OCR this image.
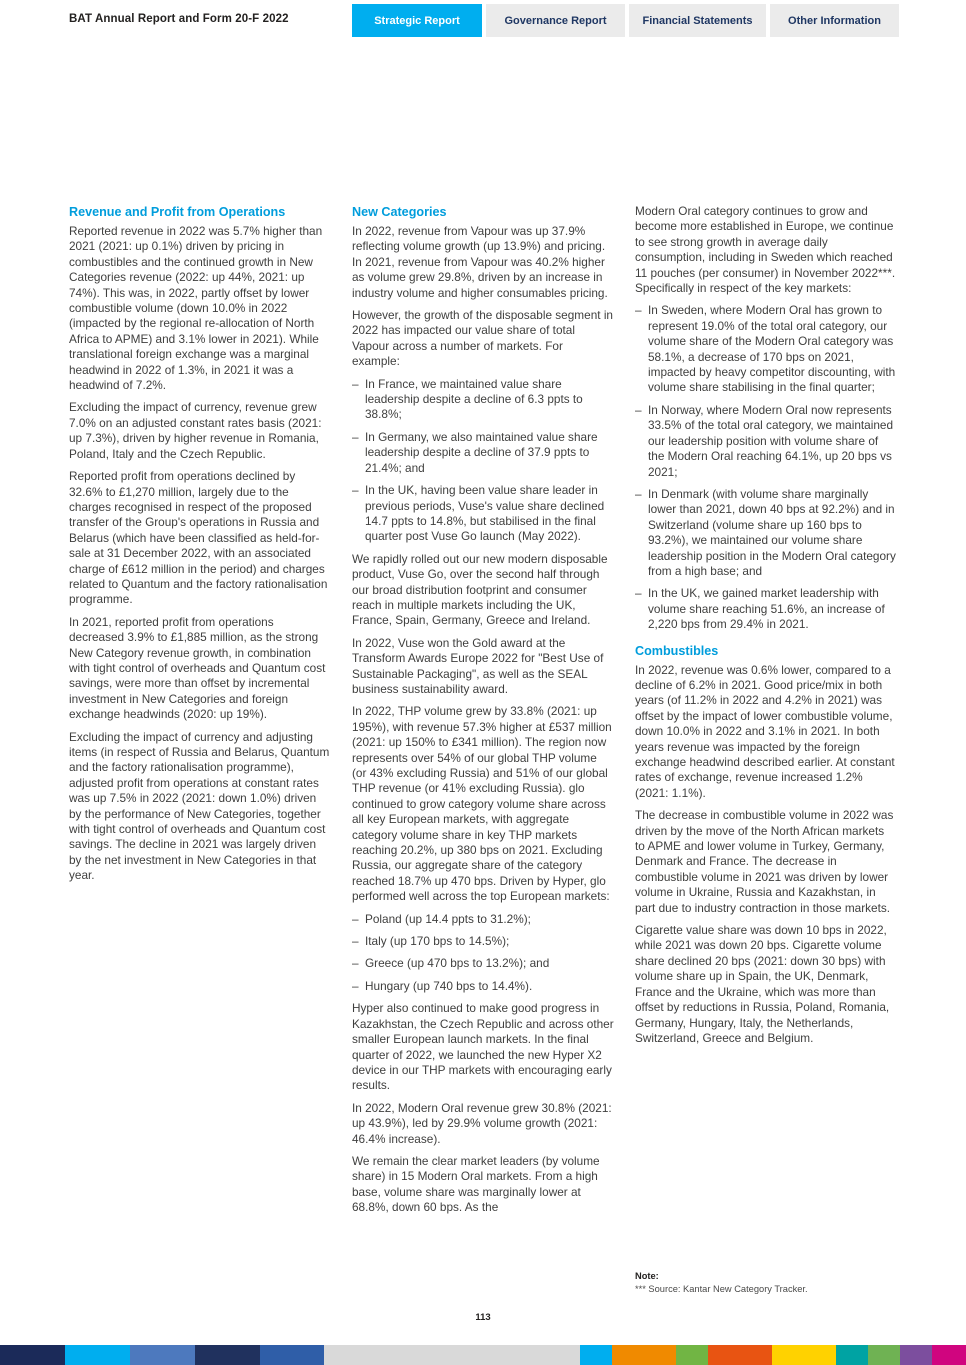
BAT Annual Report and Form 20-F 2022	Strategic Report	Governance Report	Financial Statements	Other Information
Revenue and Profit from Operations

Reported revenue in 2022 was 5.7% higher than 2021 (2021: up 0.1%) driven by pricing in combustibles and the continued growth in New Categories revenue (2022: up 44%, 2021: up 74%). This was, in 2022, partly offset by lower combustible volume (down 10.0% in 2022 (impacted by the regional re-allocation of North Africa to APME) and 3.1% lower in 2021). While translational foreign exchange was a marginal headwind in 2022 of 1.3%, in 2021 it was a headwind of 7.2%.

Excluding the impact of currency, revenue grew 7.0% on an adjusted constant rates basis (2021: up 7.3%), driven by higher revenue in Romania, Poland, Italy and the Czech Republic.

Reported profit from operations declined by 32.6% to £1,270 million, largely due to the charges recognised in respect of the proposed transfer of the Group's operations in Russia and Belarus (which have been classified as held-for-sale at 31 December 2022, with an associated charge of £612 million in the period) and charges related to Quantum and the factory rationalisation programme.

In 2021, reported profit from operations decreased 3.9% to £1,885 million, as the strong New Category revenue growth, in combination with tight control of overheads and Quantum cost savings, were more than offset by incremental investment in New Categories and foreign exchange headwinds (2020: up 19%).

Excluding the impact of currency and adjusting items (in respect of Russia and Belarus, Quantum and the factory rationalisation programme), adjusted profit from operations at constant rates was up 7.5% in 2022 (2021: down 1.0%) driven by the performance of New Categories, together with tight control of overheads and Quantum cost savings. The decline in 2021 was largely driven by the net investment in New Categories in that year.

New Categories

In 2022, revenue from Vapour was up 37.9% reflecting volume growth (up 13.9%) and pricing. In 2021, revenue from Vapour was 40.2% higher as volume grew 29.8%, driven by an increase in industry volume and higher consumables pricing.

However, the growth of the disposable segment in 2022 has impacted our value share of total Vapour across a number of markets. For example:

– In France, we maintained value share leadership despite a decline of 6.3 ppts to 38.8%;
– In Germany, we also maintained value share leadership despite a decline of 37.9 ppts to 21.4%; and
– In the UK, having been value share leader in previous periods, Vuse's value share declined 14.7 ppts to 14.8%, but stabilised in the final quarter post Vuse Go launch (May 2022).

We rapidly rolled out our new modern disposable product, Vuse Go, over the second half through our broad distribution footprint and consumer reach in multiple markets including the UK, France, Spain, Germany, Greece and Ireland.

In 2022, Vuse won the Gold award at the Transform Awards Europe 2022 for "Best Use of Sustainable Packaging", as well as the SEAL business sustainability award.

In 2022, THP volume grew by 33.8% (2021: up 195%), with revenue 57.3% higher at £537 million (2021: up 150% to £341 million). The region now represents over 54% of our global THP volume (or 43% excluding Russia) and 51% of our global THP revenue (or 41% excluding Russia). glo continued to grow category volume share across all key European markets, with aggregate category volume share in key THP markets reaching 20.2%, up 380 bps on 2021. Excluding Russia, our aggregate share of the category reached 18.7% up 470 bps. Driven by Hyper, glo performed well across the top European markets:

– Poland (up 14.4 ppts to 31.2%);
– Italy (up 170 bps to 14.5%);
– Greece (up 470 bps to 13.2%); and
– Hungary (up 740 bps to 14.4%).

Hyper also continued to make good progress in Kazakhstan, the Czech Republic and across other smaller European launch markets. In the final quarter of 2022, we launched the new Hyper X2 device in our THP markets with encouraging early results.

In 2022, Modern Oral revenue grew 30.8% (2021: up 43.9%), led by 29.9% volume growth (2021: 46.4% increase).

We remain the clear market leaders (by volume share) in 15 Modern Oral markets. From a high base, volume share was marginally lower at 68.8%, down 60 bps. As the

Modern Oral category continues to grow and become more established in Europe, we continue to see strong growth in average daily consumption, including in Sweden which reached 11 pouches (per consumer) in November 2022***. Specifically in respect of the key markets:

– In Sweden, where Modern Oral has grown to represent 19.0% of the total oral category, our volume share of the Modern Oral category was 58.1%, a decrease of 170 bps on 2021, impacted by heavy competitor discounting, with volume share stabilising in the final quarter;
– In Norway, where Modern Oral now represents 33.5% of the total oral category, we maintained our leadership position with volume share of the Modern Oral reaching 64.1%, up 20 bps vs 2021;
– In Denmark (with volume share marginally lower than 2021, down 40 bps at 92.2%) and in Switzerland (volume share up 160 bps to 93.2%), we maintained our volume share leadership position in the Modern Oral category from a high base; and
– In the UK, we gained market leadership with volume share reaching 51.6%, an increase of 2,220 bps from 29.4% in 2021.
Combustibles

In 2022, revenue was 0.6% lower, compared to a decline of 6.2% in 2021. Good price/mix in both years (of 11.2% in 2022 and 4.2% in 2021) was offset by the impact of lower combustible volume, down 10.0% in 2022 and 3.1% in 2021. In both years revenue was impacted by the foreign exchange headwind described earlier. At constant rates of exchange, revenue increased 1.2% (2021: 1.1%).

The decrease in combustible volume in 2022 was driven by the move of the North African markets to APME and lower volume in Turkey, Germany, Denmark and France. The decrease in combustible volume in 2021 was driven by lower volume in Ukraine, Russia and Kazakhstan, in part due to industry contraction in those markets.

Cigarette value share was down 10 bps in 2022, while 2021 was down 20 bps. Cigarette volume share declined 20 bps (2021: down 30 bps) with volume share up in Spain, the UK, Denmark, France and the Ukraine, which was more than offset by reductions in Russia, Poland, Romania, Germany, Hungary, Italy, the Netherlands, Switzerland, Greece and Belgium.

Note:
*** Source: Kantar New Category Tracker.
113
